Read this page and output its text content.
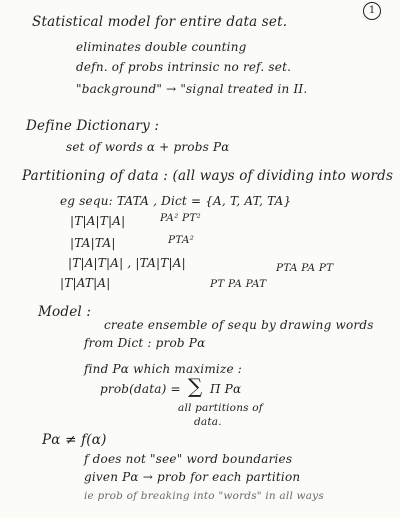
1
Statistical model for entire data set.
eliminates double counting
defn. of probs intrinsic no ref. set.
"background" → "signal treated in II.
Define Dictionary :
set of words α + probs Pα
Partitioning of data : (all ways of dividing into words
eg sequ: TATA , Dict = {A, T, AT, TA}
|T|A|T|A|	PA² PT²
|TA|TA|	PTA²
|T|A|T|A| , |TA|T|A|	PTA PA PT
|T|AT|A|	PT PA PAT
Model :
create ensemble of sequ by drawing words
from Dict : prob Pα
find Pα which maximize :
prob(data) = ∑ Π Pα
all partitions of
data.
Pα ≠ f(α)
f does not "see" word boundaries
given Pα → prob for each partition
ie prob of breaking into "words" in all ways
